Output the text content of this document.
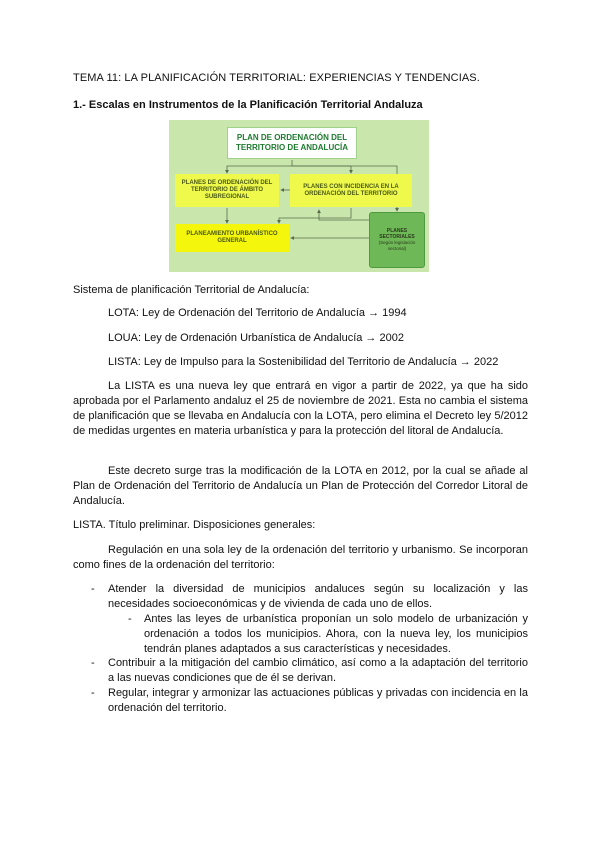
TEMA 11: LA PLANIFICACIÓN TERRITORIAL: EXPERIENCIAS Y TENDENCIAS.
1.- Escalas en Instrumentos de la Planificación Territorial Andaluza
PLAN DE ORDENACIÓN DEL TERRITORIO DE ANDALUCÍA
PLANES DE ORDENACIÓN DEL TERRITORIO DE ÁMBITO SUBREGIONAL
PLANES CON INCIDENCIA EN LA ORDENACIÓN DEL TERRITORIO
PLANEAMIENTO URBANÍSTICO GENERAL
PLANES SECTORIALES
(Según legislación sectorial)
Sistema de planificación Territorial de Andalucía:
LOTA: Ley de Ordenación del Territorio de Andalucía → 1994
LOUA: Ley de Ordenación Urbanística de Andalucía → 2002
LISTA: Ley de Impulso para la Sostenibilidad del Territorio de Andalucía → 2022
La LISTA es una nueva ley que entrará en vigor a partir de 2022, ya que ha sido aprobada por el Parlamento andaluz el 25 de noviembre de 2021. Esta no cambia el sistema de planificación que se llevaba en Andalucía con la LOTA, pero elimina el Decreto ley 5/2012 de medidas urgentes en materia urbanística y para la protección del litoral de Andalucía.
Este decreto surge tras la modificación de la LOTA en 2012, por la cual se añade al Plan de Ordenación del Territorio de Andalucía un Plan de Protección del Corredor Litoral de Andalucía.
LISTA. Título preliminar. Disposiciones generales:
Regulación en una sola ley de la ordenación del territorio y urbanismo. Se incorporan como fines de la ordenación del territorio:
- Atender la diversidad de municipios andaluces según su localización y las necesidades socioeconómicas y de vivienda de cada uno de ellos.
- Antes las leyes de urbanística proponían un solo modelo de urbanización y ordenación a todos los municipios. Ahora, con la nueva ley, los municipios tendrán planes adaptados a sus características y necesidades.
- Contribuir a la mitigación del cambio climático, así como a la adaptación del territorio a las nuevas condiciones que de él se derivan.
- Regular, integrar y armonizar las actuaciones públicas y privadas con incidencia en la ordenación del territorio.
